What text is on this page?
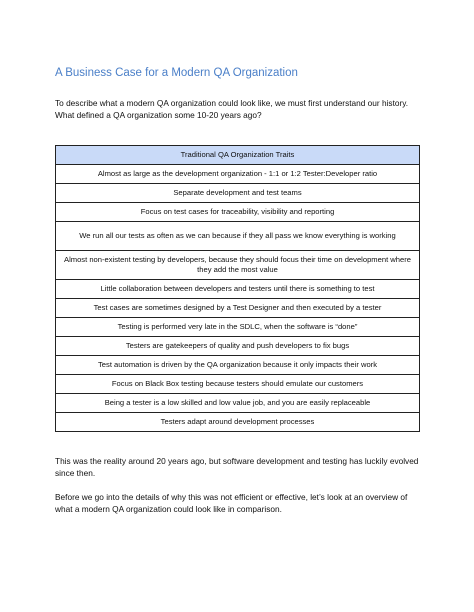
A Business Case for a Modern QA Organization
To describe what a modern QA organization could look like, we must first understand our history. What defined a QA organization some 10-20 years ago?
Traditional QA Organization Traits
Almost as large as the development organization - 1:1 or 1:2 Tester:Developer ratio
Separate development and test teams
Focus on test cases for traceability, visibility and reporting
We run all our tests as often as we can because if they all pass we know everything is working
Almost non-existent testing by developers, because they should focus their time on development where they add the most value
Little collaboration between developers and testers until there is something to test
Test cases are sometimes designed by a Test Designer and then executed by a tester
Testing is performed very late in the SDLC, when the software is “done”
Testers are gatekeepers of quality and push developers to fix bugs
Test automation is driven by the QA organization because it only impacts their work
Focus on Black Box testing because testers should emulate our customers
Being a tester is a low skilled and low value job, and you are easily replaceable
Testers adapt around development processes
This was the reality around 20 years ago, but software development and testing has luckily evolved since then.
Before we go into the details of why this was not efficient or effective, let’s look at an overview of what a modern QA organization could look like in comparison.
